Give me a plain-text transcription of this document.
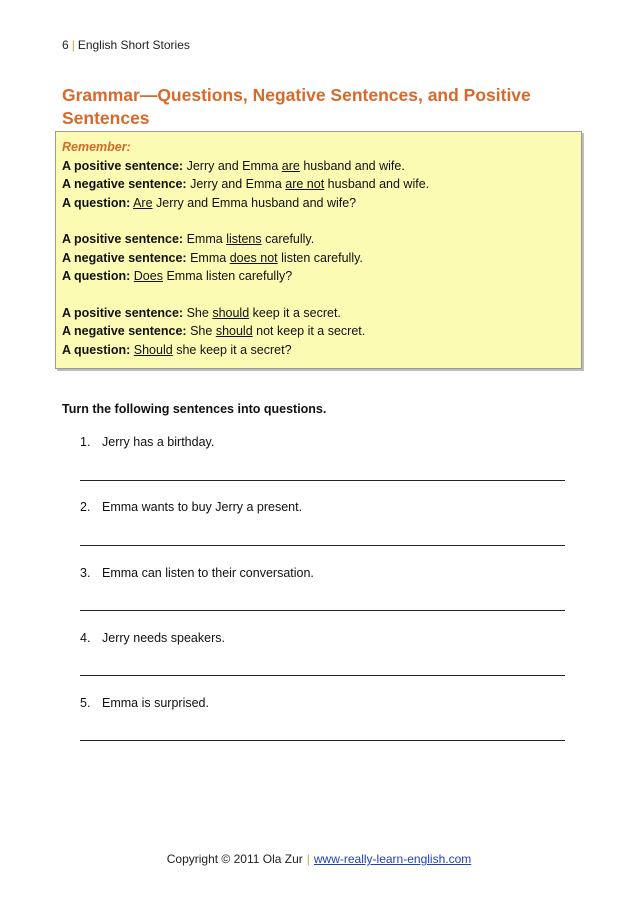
6 | English Short Stories
Grammar—Questions, Negative Sentences, and Positive Sentences
Remember:
A positive sentence: Jerry and Emma are husband and wife.
A negative sentence: Jerry and Emma are not husband and wife.
A question: Are Jerry and Emma husband and wife?
A positive sentence: Emma listens carefully.
A negative sentence: Emma does not listen carefully.
A question: Does Emma listen carefully?
A positive sentence: She should keep it a secret.
A negative sentence: She should not keep it a secret.
A question: Should she keep it a secret?
Turn the following sentences into questions.
1. Jerry has a birthday.
2. Emma wants to buy Jerry a present.
3. Emma can listen to their conversation.
4. Jerry needs speakers.
5. Emma is surprised.
Copyright © 2011 Ola Zur | www-really-learn-english.com
